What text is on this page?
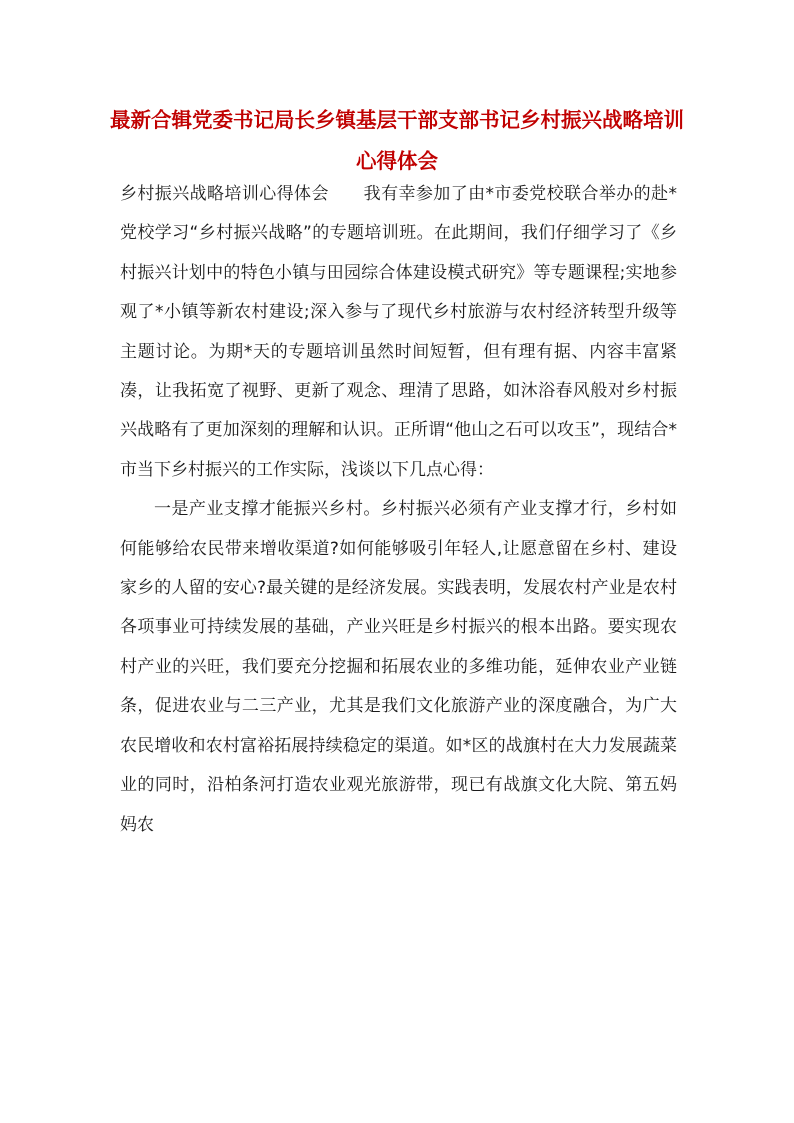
最新合辑党委书记局长乡镇基层干部支部书记乡村振兴战略培训心得体会

乡村振兴战略培训心得体会　　我有幸参加了由*市委党校联合举办的赴*党校学习“乡村振兴战略”的专题培训班。在此期间，我们仔细学习了《乡村振兴计划中的特色小镇与田园综合体建设模式研究》等专题课程;实地参观了*小镇等新农村建设;深入参与了现代乡村旅游与农村经济转型升级等主题讨论。为期*天的专题培训虽然时间短暂，但有理有据、内容丰富紧凑，让我拓宽了视野、更新了观念、理清了思路，如沐浴春风般对乡村振兴战略有了更加深刻的理解和认识。正所谓“他山之石可以攻玉”，现结合*市当下乡村振兴的工作实际，浅谈以下几点心得：

一是产业支撑才能振兴乡村。乡村振兴必须有产业支撑才行，乡村如何能够给农民带来增收渠道?如何能够吸引年轻人,让愿意留在乡村、建设家乡的人留的安心?最关键的是经济发展。实践表明，发展农村产业是农村各项事业可持续发展的基础，产业兴旺是乡村振兴的根本出路。要实现农村产业的兴旺，我们要充分挖掘和拓展农业的多维功能，延伸农业产业链条，促进农业与二三产业，尤其是我们文化旅游产业的深度融合，为广大农民增收和农村富裕拓展持续稳定的渠道。如*区的战旗村在大力发展蔬菜业的同时，沿柏条河打造农业观光旅游带，现已有战旗文化大院、第五妈妈农
